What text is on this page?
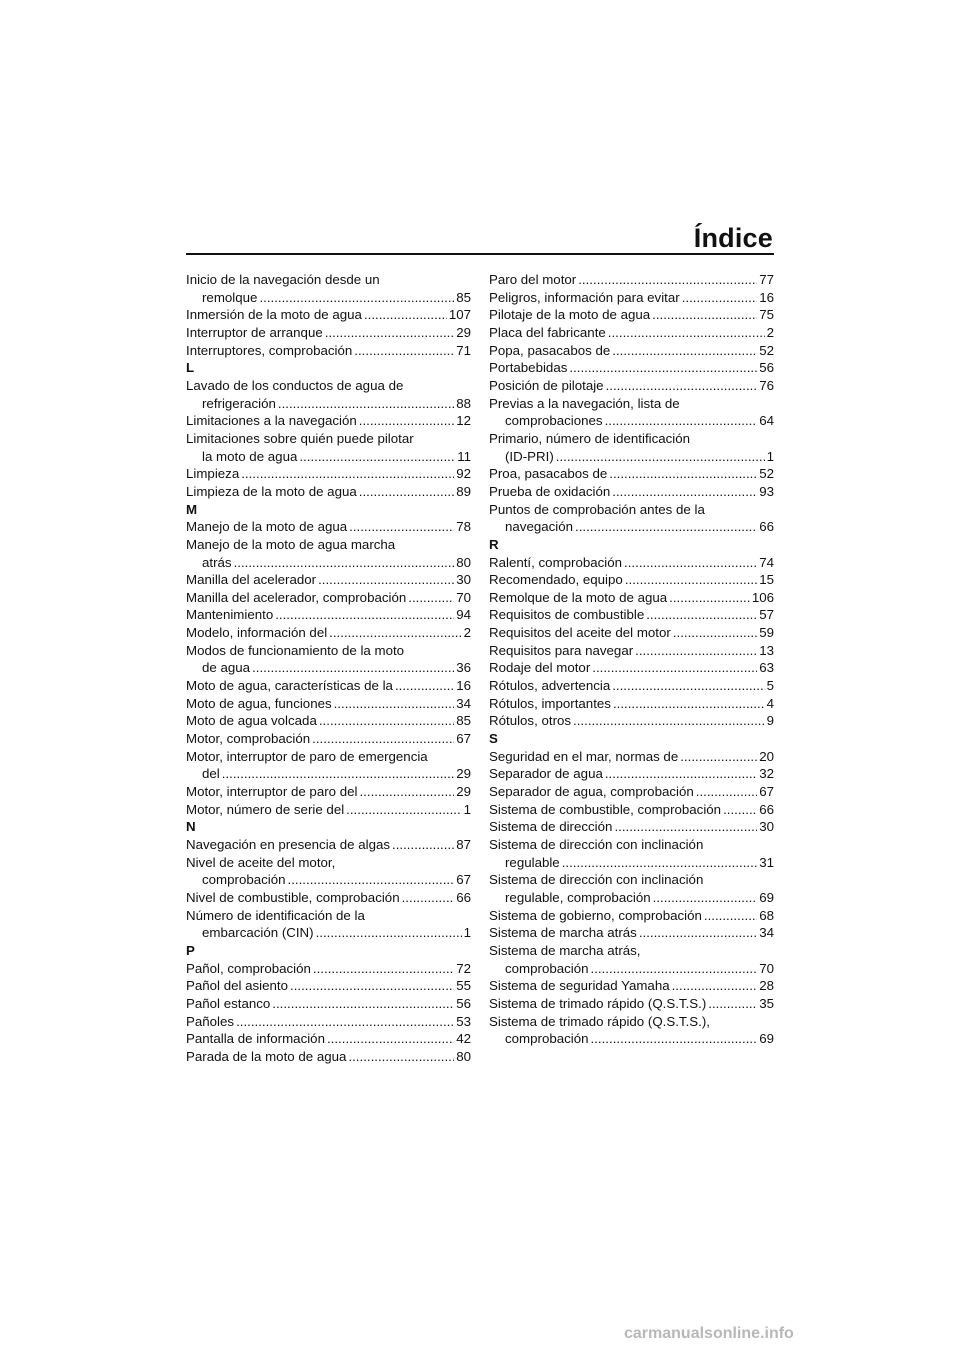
Índice
Inicio de la navegación desde un
remolque .....	85
Inmersión de la moto de agua .....	107
Interruptor de arranque .....	29
Interruptores, comprobación .....	71
L
Lavado de los conductos de agua de
refrigeración .....	88
Limitaciones a la navegación .....	12
Limitaciones sobre quién puede pilotar
la moto de agua .....	11
Limpieza .....	92
Limpieza de la moto de agua .....	89
M
Manejo de la moto de agua .....	78
Manejo de la moto de agua marcha
atrás .....	80
Manilla del acelerador .....	30
Manilla del acelerador, comprobación .....	70
Mantenimiento .....	94
Modelo, información del .....	2
Modos de funcionamiento de la moto
de agua .....	36
Moto de agua, características de la .....	16
Moto de agua, funciones .....	34
Moto de agua volcada .....	85
Motor, comprobación .....	67
Motor, interruptor de paro de emergencia
del .....	29
Motor, interruptor de paro del .....	29
Motor, número de serie del .....	1
N
Navegación en presencia de algas .....	87
Nivel de aceite del motor,
comprobación .....	67
Nivel de combustible, comprobación .....	66
Número de identificación de la
embarcación (CIN) .....	1
P
Pañol, comprobación .....	72
Pañol del asiento .....	55
Pañol estanco .....	56
Pañoles .....	53
Pantalla de información .....	42
Parada de la moto de agua .....	80
Paro del motor .....	77
Peligros, información para evitar .....	16
Pilotaje de la moto de agua .....	75
Placa del fabricante .....	2
Popa, pasacabos de .....	52
Portabebidas .....	56
Posición de pilotaje .....	76
Previas a la navegación, lista de
comprobaciones .....	64
Primario, número de identificación
(ID-PRI) .....	1
Proa, pasacabos de .....	52
Prueba de oxidación .....	93
Puntos de comprobación antes de la
navegación .....	66
R
Ralentí, comprobación .....	74
Recomendado, equipo .....	15
Remolque de la moto de agua .....	106
Requisitos de combustible .....	57
Requisitos del aceite del motor .....	59
Requisitos para navegar .....	13
Rodaje del motor .....	63
Rótulos, advertencia .....	5
Rótulos, importantes .....	4
Rótulos, otros .....	9
S
Seguridad en el mar, normas de .....	20
Separador de agua .....	32
Separador de agua, comprobación .....	67
Sistema de combustible, comprobación .....	66
Sistema de dirección .....	30
Sistema de dirección con inclinación
regulable .....	31
Sistema de dirección con inclinación
regulable, comprobación .....	69
Sistema de gobierno, comprobación .....	68
Sistema de marcha atrás .....	34
Sistema de marcha atrás,
comprobación .....	70
Sistema de seguridad Yamaha .....	28
Sistema de trimado rápido (Q.S.T.S.) .....	35
Sistema de trimado rápido (Q.S.T.S.),
comprobación .....	69
carmanualsonline.info
